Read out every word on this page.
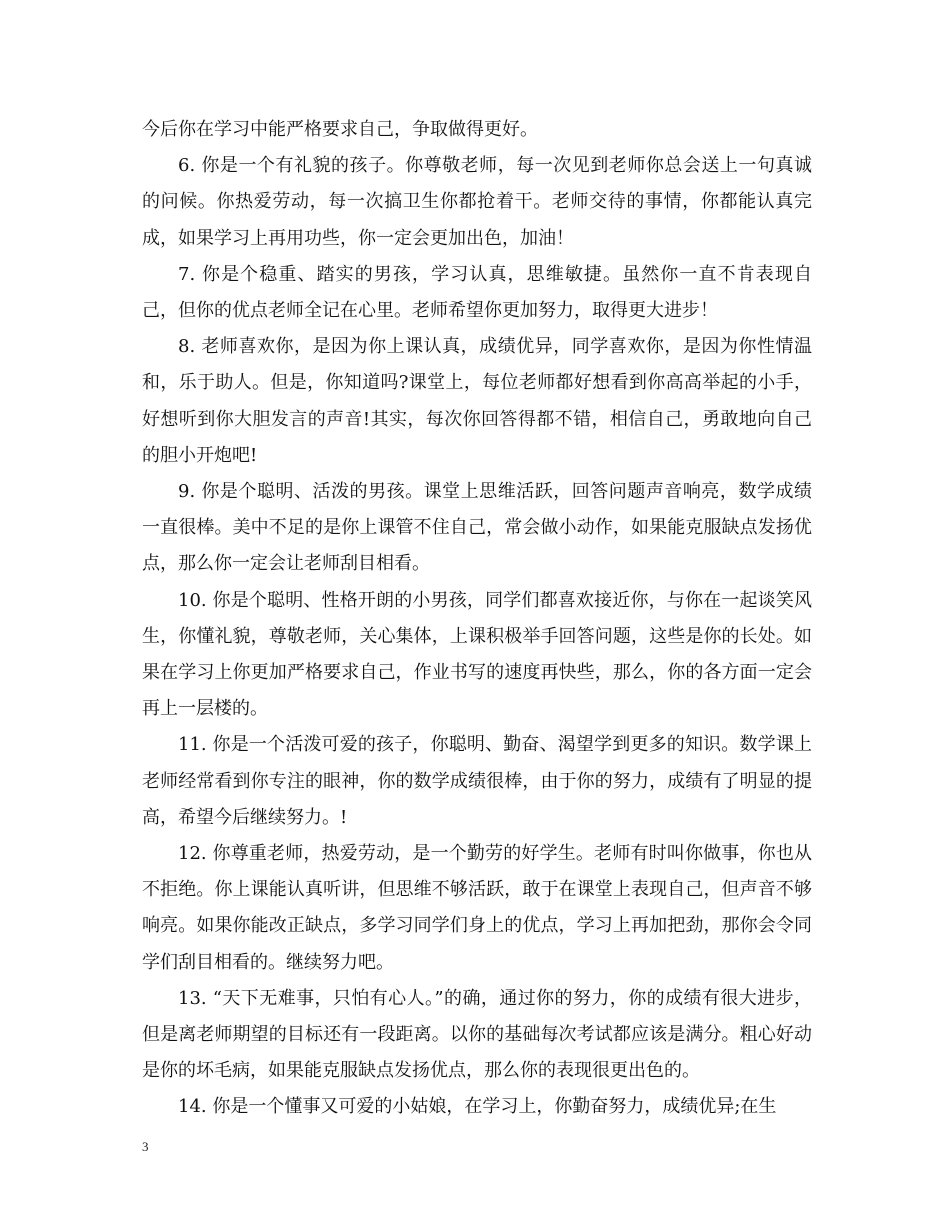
今后你在学习中能严格要求自己，争取做得更好。

6. 你是一个有礼貌的孩子。你尊敬老师，每一次见到老师你总会送上一句真诚的问候。你热爱劳动，每一次搞卫生你都抢着干。老师交待的事情，你都能认真完成，如果学习上再用功些，你一定会更加出色，加油！

7. 你是个稳重、踏实的男孩，学习认真，思维敏捷。虽然你一直不肯表现自己，但你的优点老师全记在心里。老师希望你更加努力，取得更大进步！

8. 老师喜欢你，是因为你上课认真，成绩优异，同学喜欢你，是因为你性情温和，乐于助人。但是，你知道吗?课堂上，每位老师都好想看到你高高举起的小手，好想听到你大胆发言的声音!其实，每次你回答得都不错，相信自己，勇敢地向自己的胆小开炮吧!

9. 你是个聪明、活泼的男孩。课堂上思维活跃，回答问题声音响亮，数学成绩一直很棒。美中不足的是你上课管不住自己，常会做小动作，如果能克服缺点发扬优点，那么你一定会让老师刮目相看。

10. 你是个聪明、性格开朗的小男孩，同学们都喜欢接近你，与你在一起谈笑风生，你懂礼貌，尊敬老师，关心集体，上课积极举手回答问题，这些是你的长处。如果在学习上你更加严格要求自己，作业书写的速度再快些，那么，你的各方面一定会再上一层楼的。

11. 你是一个活泼可爱的孩子，你聪明、勤奋、渴望学到更多的知识。数学课上老师经常看到你专注的眼神，你的数学成绩很棒，由于你的努力，成绩有了明显的提高，希望今后继续努力。!

12. 你尊重老师，热爱劳动，是一个勤劳的好学生。老师有时叫你做事，你也从不拒绝。你上课能认真听讲，但思维不够活跃，敢于在课堂上表现自己，但声音不够响亮。如果你能改正缺点，多学习同学们身上的优点，学习上再加把劲，那你会令同学们刮目相看的。继续努力吧。

13. “天下无难事，只怕有心人。”的确，通过你的努力，你的成绩有很大进步，但是离老师期望的目标还有一段距离。以你的基础每次考试都应该是满分。粗心好动是你的坏毛病，如果能克服缺点发扬优点，那么你的表现很更出色的。

14. 你是一个懂事又可爱的小姑娘，在学习上，你勤奋努力，成绩优异;在生

3
